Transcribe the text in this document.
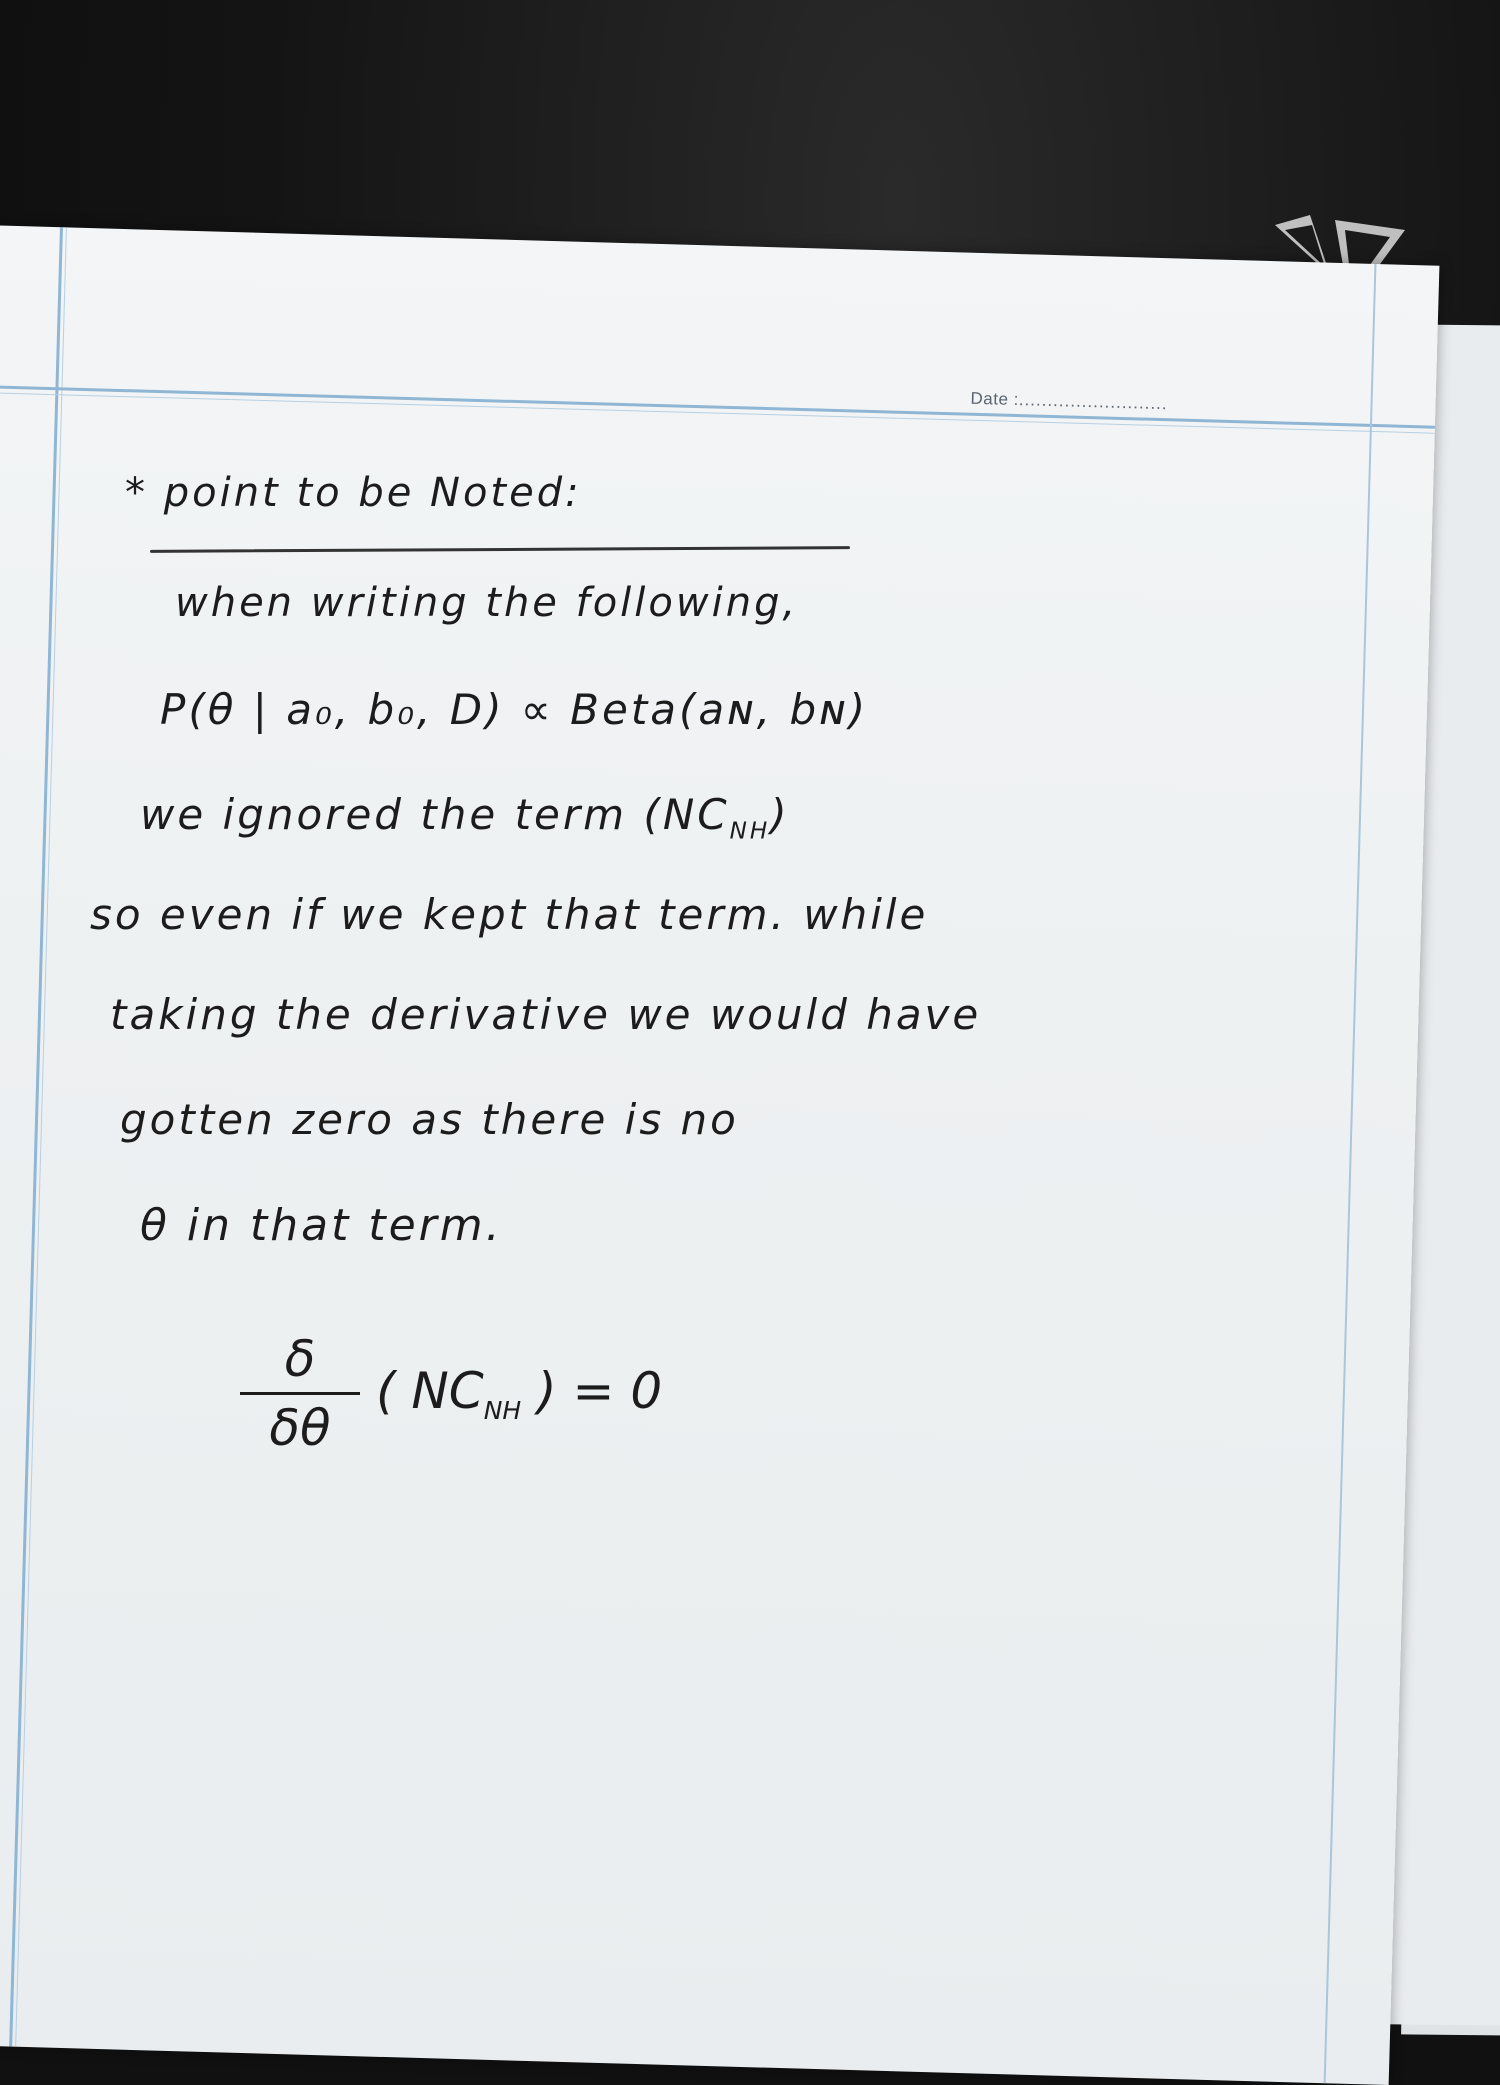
Date :..........................
* point to be Noted:
when writing the following,
P(θ | a₀, b₀, D) ∝ Beta(aɴ, bɴ)
we ignored the term $(NC_{NH})$
so even if we kept that term. while
taking the derivative we would have
gotten zero as there is no
θ in that term.
δ
δθ
( $NC_{NH}$ ) = 0
